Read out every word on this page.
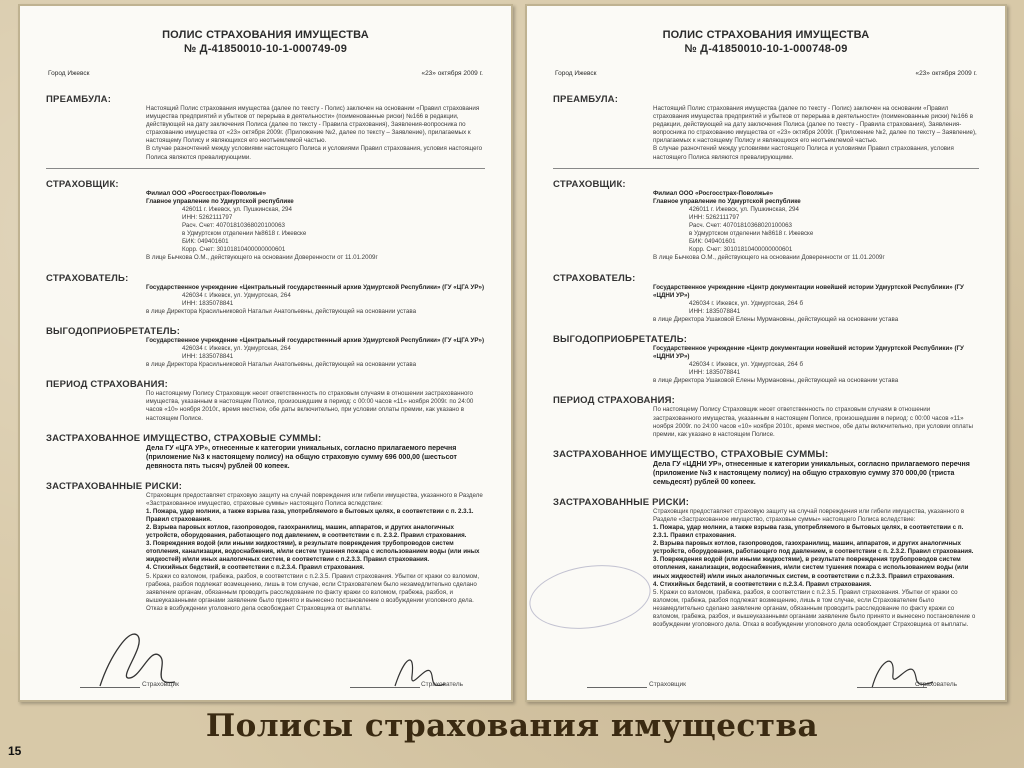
ПОЛИС СТРАХОВАНИЯ ИМУЩЕСТВА
№ Д-41850010-10-1-000749-09
Город Ижевск	«23» октября 2009 г.
ПРЕАМБУЛА:

Настоящий Полис страхования имущества (далее по тексту - Полис) заключен на основании «Правил страхования имущества предприятий и убытков от перерыва в деятельности» (поименованные риски) №166 в редакции, действующей на дату заключения Полиса (далее по тексту - Правила страхования), Заявления-вопросника по страхованию имущества от «23» октября 2009г. (Приложение №2, далее по тексту – Заявление), прилагаемых к настоящему Полису и являющихся его неотъемлемой частью.

В случае разночтений между условиями настоящего Полиса и условиями Правил страхования, условия настоящего Полиса являются превалирующими.

СТРАХОВЩИК:

Филиал ООО «Росгосстрах-Поволжье»

Главное управление по Удмуртской республике

426011 г. Ижевск, ул. Пушкинская, 294

ИНН: 5262111797

Расч. Счет: 40701810368020100063

в Удмуртском отделении №8618 г. Ижевске

БИК: 049401601

Корр. Счет: 30101810400000000601

В лице Бычкова О.М., действующего на основании Доверенности от 11.01.2009г

СТРАХОВАТЕЛЬ:

Государственное учреждение «Центральный государственный архив Удмуртской Республики» (ГУ «ЦГА УР»)

426034 г. Ижевск, ул. Удмуртская, 264

ИНН: 1835078841

в лице Директора Красильниковой Натальи Анатольевны, действующей на основании устава

ВЫГОДОПРИОБРЕТАТЕЛЬ:

Государственное учреждение «Центральный государственный архив Удмуртской Республики» (ГУ «ЦГА УР»)

426034 г. Ижевск, ул. Удмуртская, 264

ИНН: 1835078841

в лице Директора Красильниковой Натальи Анатольевны, действующей на основании устава

ПЕРИОД СТРАХОВАНИЯ:

По настоящему Полису Страховщик несет ответственность по страховым случаям в отношении застрахованного имущества, указанным в настоящем Полисе, произошедшим в период: с 00:00 часов «11» ноября 2009г. по 24:00 часов «10» ноября 2010г., время местное, обе даты включительно, при условии оплаты премии, как указано в настоящем Полисе.

ЗАСТРАХОВАННОЕ ИМУЩЕСТВО, СТРАХОВЫЕ СУММЫ:

Дела ГУ «ЦГА УР», отнесенные к категории уникальных, согласно прилагаемого перечня (приложение №3 к настоящему полису) на общую страховую сумму 696 000,00 (шестьсот девяноста пять тысяч) рублей 00 копеек.

ЗАСТРАХОВАННЫЕ РИСКИ:

Страховщик предоставляет страховую защиту на случай повреждения или гибели имущества, указанного в Разделе «Застрахованное имущество, страховые суммы» настоящего Полиса вследствие:

1. Пожара, удар молнии, а также взрыва газа, употребляемого в бытовых целях, в соответствии с п. 2.3.1. Правил страхования.

2. Взрыва паровых котлов, газопроводов, газохранилищ, машин, аппаратов, и других аналогичных устройств, оборудования, работающего под давлением, в соответствии с п. 2.3.2. Правил страхования.

3. Повреждения водой (или иными жидкостями), в результате повреждения трубопроводов систем отопления, канализации, водоснабжения, и/или систем тушения пожара с использованием воды (или иных жидкостей) и/или иных аналогичных систем, в соответствии с п.2.3.3. Правил страхования.

4. Стихийных бедствий, в соответствии с п.2.3.4. Правил страхования.

5. Кражи со взломом, грабежа, разбоя, в соответствии с п.2.3.5. Правил страхования. Убытки от кражи со взломом, грабежа, разбоя подлежат возмещению, лишь в том случае, если Страхователем было незамедлительно сделано заявление органам, обязанным проводить расследование по факту кражи со взломом, грабежа, разбоя, и вышеуказанными органами заявление было принято и вынесено постановление о возбуждении уголовного дела. Отказ в возбуждении уголовного дела освобождает Страховщика от выплаты.

Страховщик	Страхователь
ПОЛИС СТРАХОВАНИЯ ИМУЩЕСТВА
№ Д-41850010-10-1-000748-09
Город Ижевск	«23» октября 2009 г.
ПРЕАМБУЛА:

Настоящий Полис страхования имущества (далее по тексту - Полис) заключен на основании «Правил страхования имущества предприятий и убытков от перерыва в деятельности» (поименованные риски) №166 в редакции, действующей на дату заключения Полиса (далее по тексту - Правила страхования), Заявления-вопросника по страхованию имущества от «23» октября 2009г. (Приложение №2, далее по тексту – Заявление), прилагаемых к настоящему Полису и являющихся его неотъемлемой частью.

В случае разночтений между условиями настоящего Полиса и условиями Правил страхования, условия настоящего Полиса являются превалирующими.

СТРАХОВЩИК:

Филиал ООО «Росгосстрах-Поволжье»

Главное управление по Удмуртской республике

426011 г. Ижевск, ул. Пушкинская, 294

ИНН: 5262111797

Расч. Счет: 40701810368020100063

в Удмуртском отделении №8618 г. Ижевске

БИК: 049401601

Корр. Счет: 30101810400000000601

В лице Бычкова О.М., действующего на основании Доверенности от 11.01.2009г

СТРАХОВАТЕЛЬ:

Государственное учреждение «Центр документации новейшей истории Удмуртской Республики» (ГУ «ЦДНИ УР»)

426034 г. Ижевск, ул. Удмуртская, 264 б

ИНН: 1835078841

в лице Директора Ушаковой Елены Мурмановны, действующей на основании устава

ВЫГОДОПРИОБРЕТАТЕЛЬ:

Государственное учреждение «Центр документации новейшей истории Удмуртской Республики» (ГУ «ЦДНИ УР»)

426034 г. Ижевск, ул. Удмуртская, 264 б

ИНН: 1835078841

в лице Директора Ушаковой Елены Мурмановны, действующей на основании устава

ПЕРИОД СТРАХОВАНИЯ:

По настоящему Полису Страховщик несет ответственность по страховым случаям в отношении застрахованного имущества, указанным в настоящем Полисе, произошедшим в период: с 00:00 часов «11» ноября 2009г. по 24:00 часов «10» ноября 2010г., время местное, обе даты включительно, при условии оплаты премии, как указано в настоящем Полисе.

ЗАСТРАХОВАННОЕ ИМУЩЕСТВО, СТРАХОВЫЕ СУММЫ:

Дела ГУ «ЦДНИ УР», отнесенные к категории уникальных, согласно прилагаемого перечня (приложение №3 к настоящему полису) на общую страховую сумму 370 000,00 (триста семьдесят) рублей 00 копеек.

ЗАСТРАХОВАННЫЕ РИСКИ:

Страховщик предоставляет страховую защиту на случай повреждения или гибели имущества, указанного в Разделе «Застрахованное имущество, страховые суммы» настоящего Полиса вследствие:

1. Пожара, удар молнии, а также взрыва газа, употребляемого в бытовых целях, в соответствии с п. 2.3.1. Правил страхования.

2. Взрыва паровых котлов, газопроводов, газохранилищ, машин, аппаратов, и других аналогичных устройств, оборудования, работающего под давлением, в соответствии с п. 2.3.2. Правил страхования.

3. Повреждения водой (или иными жидкостями), в результате повреждения трубопроводов систем отопления, канализации, водоснабжения, и/или систем тушения пожара с использованием воды (или иных жидкостей) и/или иных аналогичных систем, в соответствии с п.2.3.3. Правил страхования.

4. Стихийных бедствий, в соответствии с п.2.3.4. Правил страхования.

5. Кражи со взломом, грабежа, разбоя, в соответствии с п.2.3.5. Правил страхования. Убытки от кражи со взломом, грабежа, разбоя подлежат возмещению, лишь в том случае, если Страхователем было незамедлительно сделано заявление органам, обязанным проводить расследование по факту кражи со взломом, грабежа, разбоя, и вышеуказанными органами заявление было принято и вынесено постановление о возбуждении уголовного дела. Отказ в возбуждении уголовного дела освобождает Страховщика от выплаты.

Страховщик	Страхователь
Полисы страхования имущества
15
